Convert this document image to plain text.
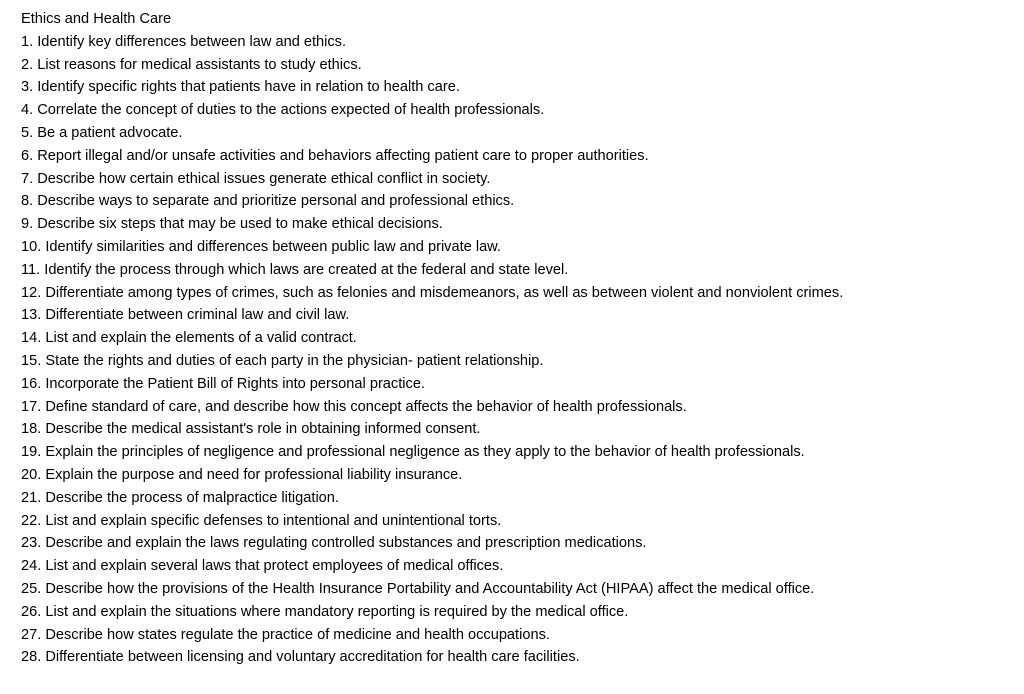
Ethics and Health Care
1. Identify key differences between law and ethics.
2. List reasons for medical assistants to study ethics.
3. Identify specific rights that patients have in relation to health care.
4. Correlate the concept of duties to the actions expected of health professionals.
5. Be a patient advocate.
6. Report illegal and/or unsafe activities and behaviors affecting patient care to proper authorities.
7. Describe how certain ethical issues generate ethical conflict in society.
8. Describe ways to separate and prioritize personal and professional ethics.
9. Describe six steps that may be used to make ethical decisions.
10. Identify similarities and differences between public law and private law.
11. Identify the process through which laws are created at the federal and state level.
12. Differentiate among types of crimes, such as felonies and misdemeanors, as well as between violent and nonviolent crimes.
13. Differentiate between criminal law and civil law.
14. List and explain the elements of a valid contract.
15. State the rights and duties of each party in the physician- patient relationship.
16. Incorporate the Patient Bill of Rights into personal practice.
17. Define standard of care, and describe how this concept affects the behavior of health professionals.
18. Describe the medical assistant's role in obtaining informed consent.
19. Explain the principles of negligence and professional negligence as they apply to the behavior of health professionals.
20. Explain the purpose and need for professional liability insurance.
21. Describe the process of malpractice litigation.
22. List and explain specific defenses to intentional and unintentional torts.
23. Describe and explain the laws regulating controlled substances and prescription medications.
24. List and explain several laws that protect employees of medical offices.
25. Describe how the provisions of the Health Insurance Portability and Accountability Act (HIPAA) affect the medical office.
26. List and explain the situations where mandatory reporting is required by the medical office.
27. Describe how states regulate the practice of medicine and health occupations.
28. Differentiate between licensing and voluntary accreditation for health care facilities.
